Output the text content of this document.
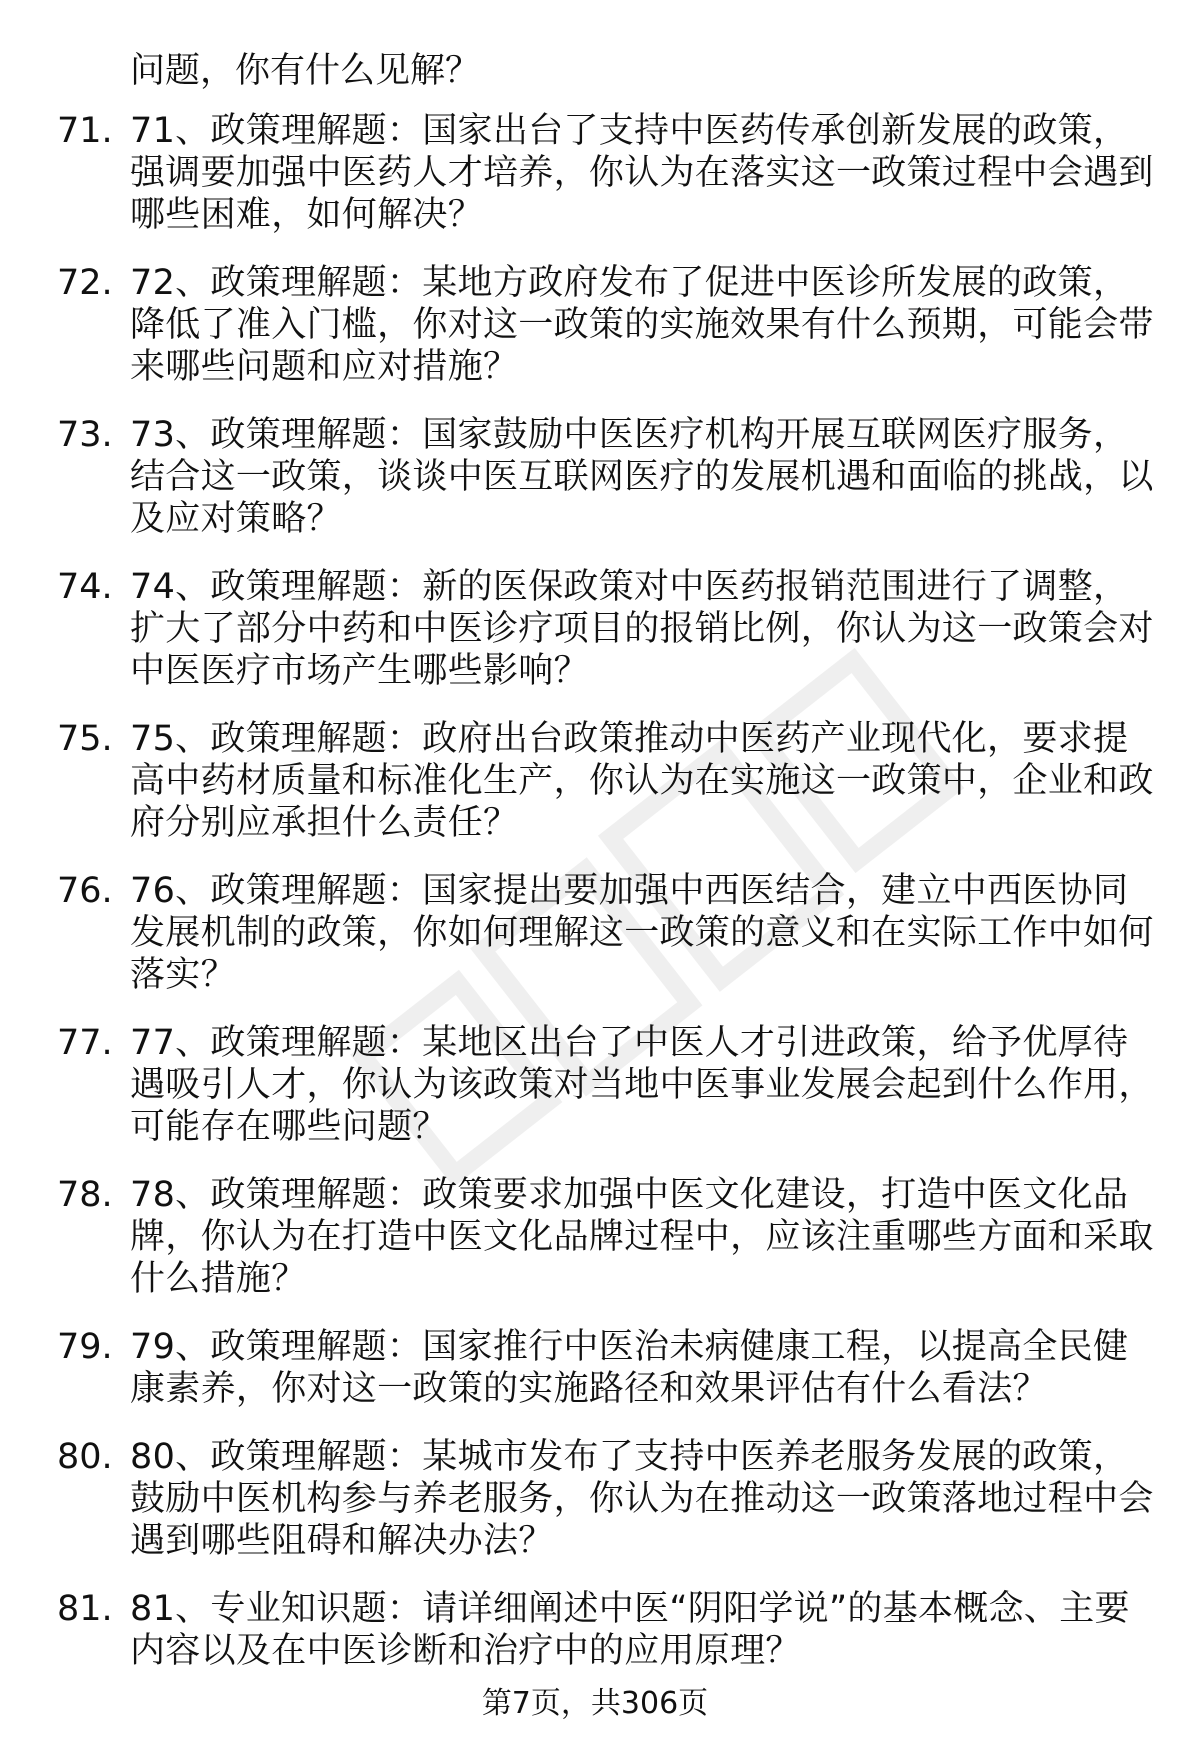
问题，你有什么见解？
71. 71、政策理解题：国家出台了支持中医药传承创新发展的政策，强调要加强中医药人才培养，你认为在落实这一政策过程中会遇到哪些困难，如何解决？
72. 72、政策理解题：某地方政府发布了促进中医诊所发展的政策，降低了准入门槛，你对这一政策的实施效果有什么预期，可能会带来哪些问题和应对措施？
73. 73、政策理解题：国家鼓励中医医疗机构开展互联网医疗服务，结合这一政策，谈谈中医互联网医疗的发展机遇和面临的挑战，以及应对策略？
74. 74、政策理解题：新的医保政策对中医药报销范围进行了调整，扩大了部分中药和中医诊疗项目的报销比例，你认为这一政策会对中医医疗市场产生哪些影响？
75. 75、政策理解题：政府出台政策推动中医药产业现代化，要求提高中药材质量和标准化生产，你认为在实施这一政策中，企业和政府分别应承担什么责任？
76. 76、政策理解题：国家提出要加强中西医结合，建立中西医协同发展机制的政策，你如何理解这一政策的意义和在实际工作中如何落实？
77. 77、政策理解题：某地区出台了中医人才引进政策，给予优厚待遇吸引人才，你认为该政策对当地中医事业发展会起到什么作用，可能存在哪些问题？
78. 78、政策理解题：政策要求加强中医文化建设，打造中医文化品牌，你认为在打造中医文化品牌过程中，应该注重哪些方面和采取什么措施？
79. 79、政策理解题：国家推行中医治未病健康工程，以提高全民健康素养，你对这一政策的实施路径和效果评估有什么看法？
80. 80、政策理解题：某城市发布了支持中医养老服务发展的政策，鼓励中医机构参与养老服务，你认为在推动这一政策落地过程中会遇到哪些阻碍和解决办法？
81. 81、专业知识题：请详细阐述中医“阴阳学说”的基本概念、主要内容以及在中医诊断和治疗中的应用原理？
第7页，共306页
